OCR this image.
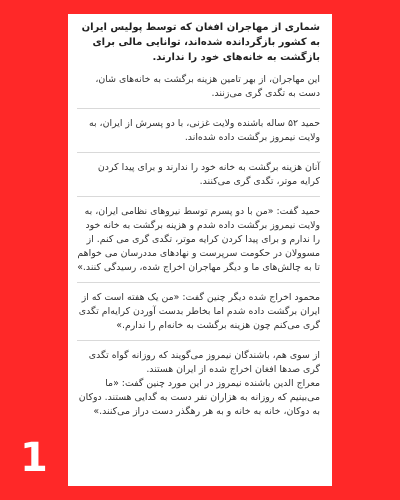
شماری از مهاجران افغان که توسط پولیس ایران به کشور بازگردانده شده‌اند، توانایی مالی برای بازگشت به خانه‌های خود را ندارند.

این مهاجران، از بهر تامین هزینه برگشت به خانه‌های شان، دست به تگدی گری می‌زنند.

حمید ۵۲ ساله باشنده ولایت غزنی، با دو پسرش از ایران، به ولایت نیمروز برگشت داده شده‌اند.

آنان هزینه برگشت به خانه خود را ندارند و برای پیدا کردن کرایه موتر، تگدی گری می‌کنند.

حمید گفت: «من با دو پسرم توسط نیروهای نظامی ایران، به ولایت نیمروز برگشت داده شدم و هزینه برگشت به خانه خود را ندارم و برای پیدا کردن کرایه موتر، تگدی گری می کنم. از مسوولان در حکومت سرپرست و نهادهای مددرسان می خواهم تا به چالش‌های ما و دیگر مهاجران اخراج شده، رسیدگی کنند.»

محمود اخراج شده دیگر چنین گفت: «من یک هفته است که از ایران برگشت داده شدم اما بخاطر بدست آوردن کرایه‌ام تگدی گری می‌کنم چون هزینه برگشت به خانه‌ام را ندارم.»

از سوی هم، باشندگان نیمروز می‌گویند که روزانه گواه تگدی گری صدها افغان اخراج شده از ایران هستند.
معراج الدین باشنده نیمروز در این مورد چنین گفت: «ما می‌بینیم که روزانه به هزاران نفر دست به گدایی هستند. دوکان به دوکان، خانه به خانه و به هر رهگذر دست دراز می‌کنند.»

1
